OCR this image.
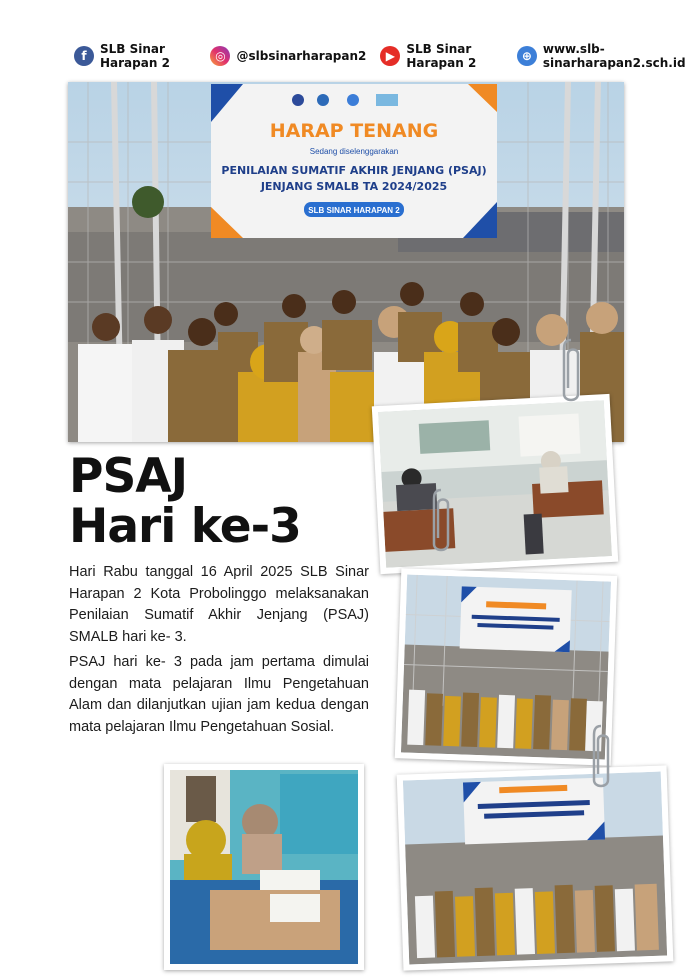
f	SLB Sinar Harapan 2	◎ @slbsinarharapan2	▶ SLB Sinar Harapan 2	⊕ www.slb-sinarharapan2.sch.id
HARAP TENANG
Sedang diselenggarakan
PENILAIAN SUMATIF AKHIR JENJANG (PSAJ)
JENJANG SMALB TA 2024/2025
SLB SINAR HARAPAN 2
PSAJ
Hari ke-3

Hari Rabu tanggal 16 April 2025 SLB Sinar Harapan 2 Kota Probolinggo melaksanakan Penilaian Sumatif Akhir Jenjang (PSAJ) SMALB hari ke- 3.

PSAJ hari ke- 3 pada jam pertama dimulai dengan mata pelajaran Ilmu Pengetahuan Alam dan dilanjutkan ujian jam kedua dengan mata pelajaran Ilmu Pengetahuan Sosial.
